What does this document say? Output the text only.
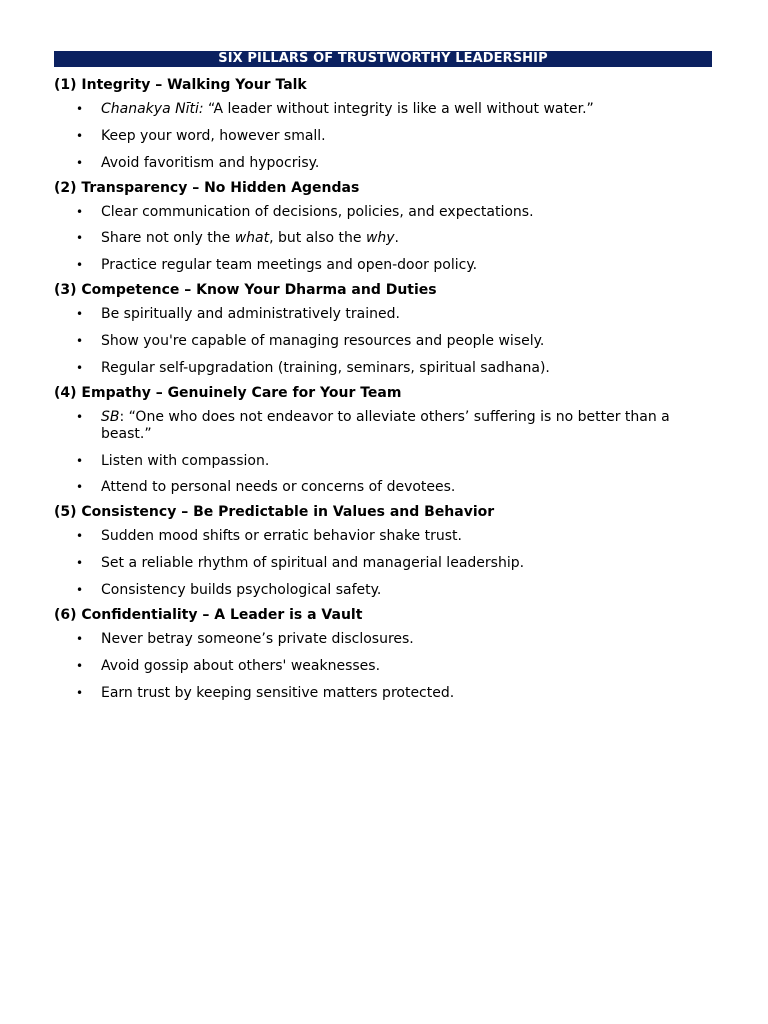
SIX PILLARS OF TRUSTWORTHY LEADERSHIP
(1) Integrity – Walking Your Talk
• Chanakya Nīti: “A leader without integrity is like a well without water.”
• Keep your word, however small.
• Avoid favoritism and hypocrisy.
(2) Transparency – No Hidden Agendas
• Clear communication of decisions, policies, and expectations.
• Share not only the what, but also the why.
• Practice regular team meetings and open-door policy.
(3) Competence – Know Your Dharma and Duties
• Be spiritually and administratively trained.
• Show you're capable of managing resources and people wisely.
• Regular self-upgradation (training, seminars, spiritual sadhana).
(4) Empathy – Genuinely Care for Your Team
• SB: “One who does not endeavor to alleviate others’ suffering is no better than a beast.”
• Listen with compassion.
• Attend to personal needs or concerns of devotees.
(5) Consistency – Be Predictable in Values and Behavior
• Sudden mood shifts or erratic behavior shake trust.
• Set a reliable rhythm of spiritual and managerial leadership.
• Consistency builds psychological safety.
(6) Confidentiality – A Leader is a Vault
• Never betray someone’s private disclosures.
• Avoid gossip about others' weaknesses.
• Earn trust by keeping sensitive matters protected.
